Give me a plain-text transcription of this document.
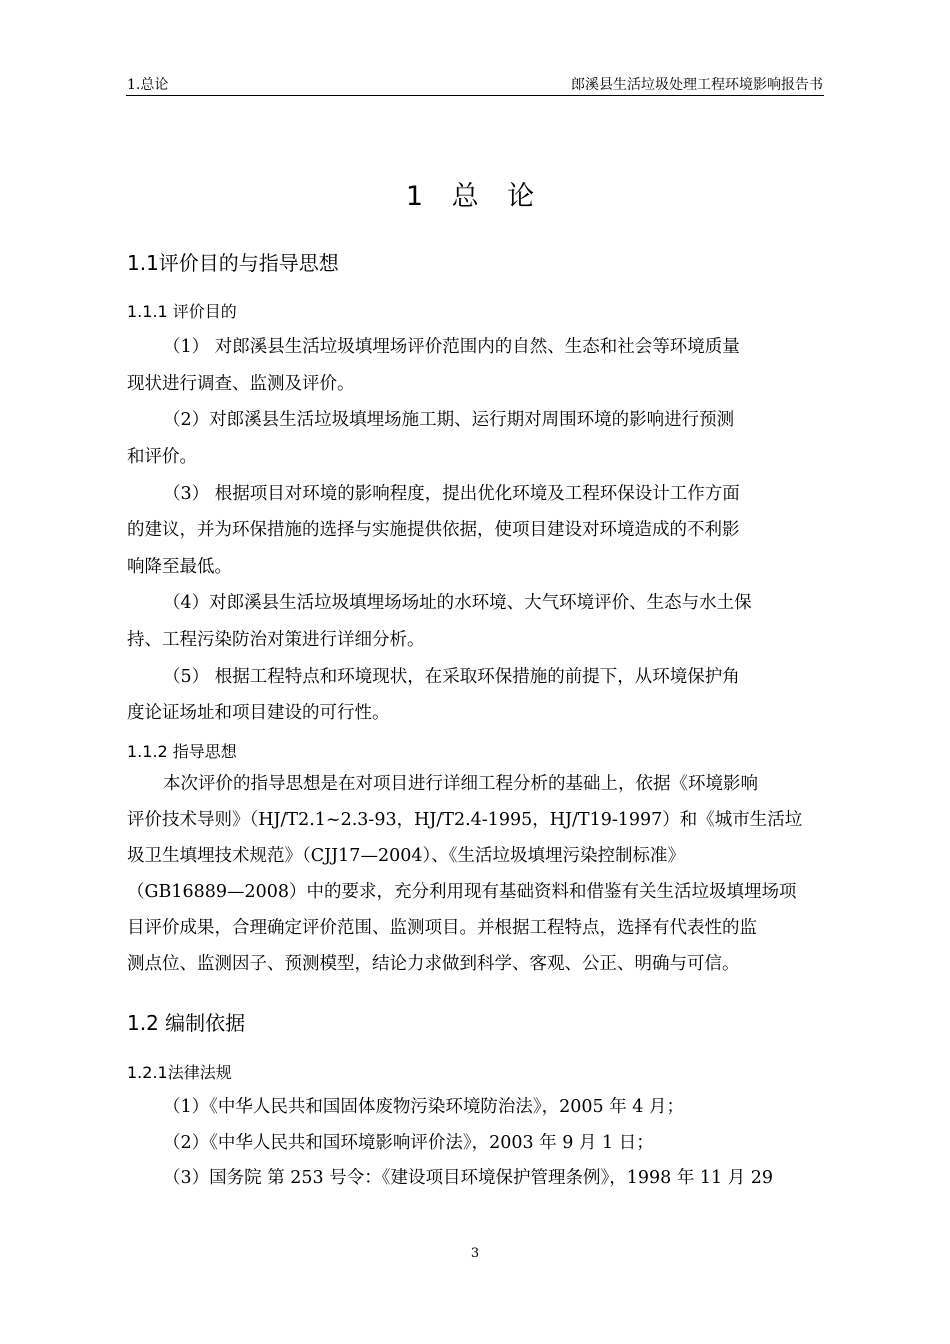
1.总论	郎溪县生活垃圾处理工程环境影响报告书
1 总 论
1.1评价目的与指导思想
1.1.1 评价目的
（1） 对郎溪县生活垃圾填埋场评价范围内的自然、生态和社会等环境质量
现状进行调查、监测及评价。
（2）对郎溪县生活垃圾填埋场施工期、运行期对周围环境的影响进行预测
和评价。
（3） 根据项目对环境的影响程度，提出优化环境及工程环保设计工作方面
的建议，并为环保措施的选择与实施提供依据，使项目建设对环境造成的不利影
响降至最低。
（4）对郎溪县生活垃圾填埋场场址的水环境、大气环境评价、生态与水土保
持、工程污染防治对策进行详细分析。
（5） 根据工程特点和环境现状，在采取环保措施的前提下，从环境保护角
度论证场址和项目建设的可行性。
1.1.2 指导思想
本次评价的指导思想是在对项目进行详细工程分析的基础上，依据《环境影响
评价技术导则》（HJ/T2.1~2.3-93，HJ/T2.4-1995，HJ/T19-1997）和《城市生活垃
圾卫生填埋技术规范》（CJJ17—2004）、《生活垃圾填埋污染控制标准》
（GB16889—2008）中的要求，充分利用现有基础资料和借鉴有关生活垃圾填埋场项
目评价成果，合理确定评价范围、监测项目。并根据工程特点，选择有代表性的监
测点位、监测因子、预测模型，结论力求做到科学、客观、公正、明确与可信。
1.2 编制依据
1.2.1法律法规
（1）《中华人民共和国固体废物污染环境防治法》，2005 年 4 月；
（2）《中华人民共和国环境影响评价法》，2003 年 9 月 1 日；
（3）国务院 第 253 号令：《建设项目环境保护管理条例》，1998 年 11 月 29
3
